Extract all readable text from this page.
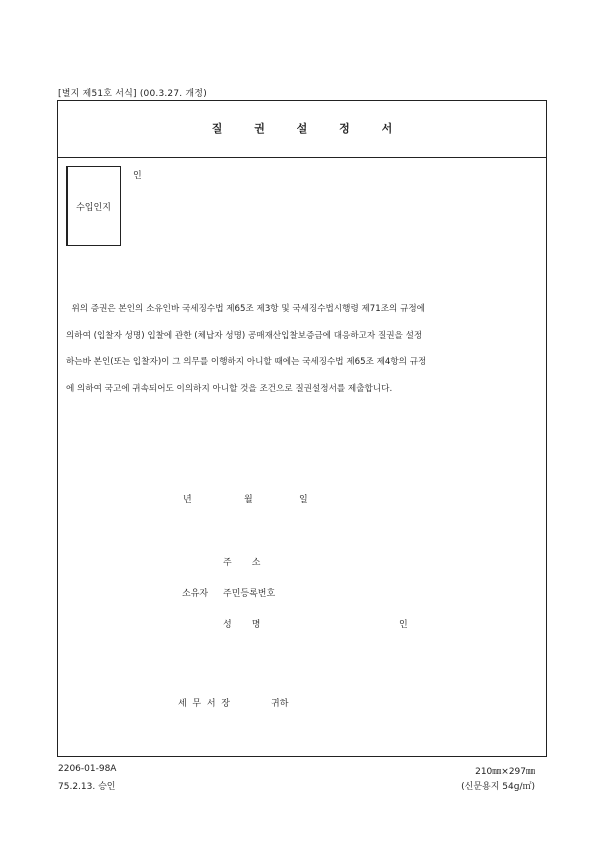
[별지 제51호 서식] (00.3.27. 개정)
질 권 설 정 서
수입인지
인

위의 증권은 본인의 소유인바 국세징수법 제65조 제3항 및 국세징수법시행령 제71조의 규정에

의하여 (입찰자 성명) 입찰에 관한 (체납자 성명) 공매재산입찰보증금에 대응하고자 질권을 설정

하는바 본인(또는 입찰자)이 그 의무를 이행하지 아니할 때에는 국세징수법 제65조 제4항의 규정

에 의하여 국고에 귀속되어도 이의하지 아니할 것을 조건으로 질권설정서를 제출합니다.

년	월	일
주       소
소유자 주민등록번호
성       명	인
세  무  서  장	귀하
2206-01-98A
75.2.13. 승인
210㎜×297㎜
(신문용지 54g/㎡)
